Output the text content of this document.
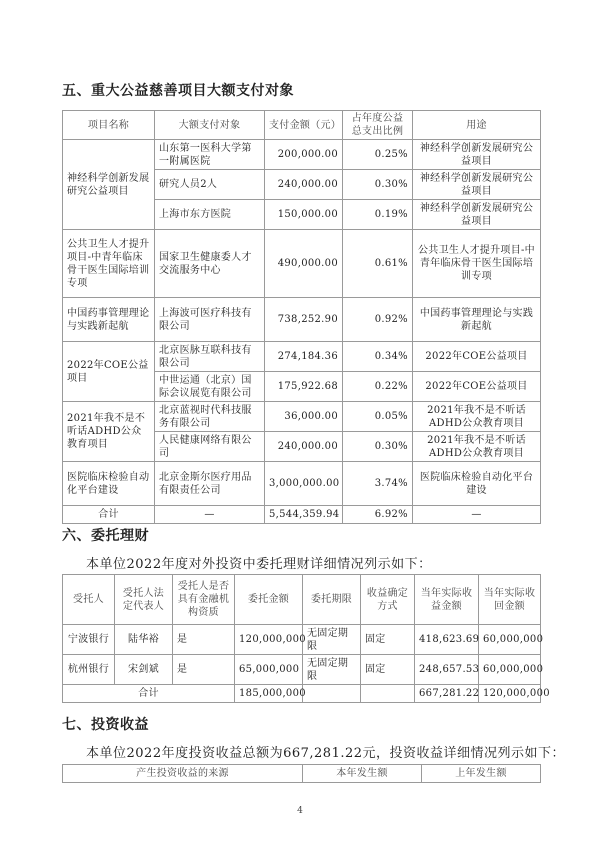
五、重大公益慈善项目大额支付对象
项目名称	大额支付对象	支付金额（元）	占年度公益总支出比例	用途
神经科学创新发展研究公益项目	山东第一医科大学第一附属医院	200,000.00	0.25%	神经科学创新发展研究公益项目
	研究人员2人	240,000.00	0.30%	神经科学创新发展研究公益项目
	上海市东方医院	150,000.00	0.19%	神经科学创新发展研究公益项目
公共卫生人才提升项目-中青年临床骨干医生国际培训专项	国家卫生健康委人才交流服务中心	490,000.00	0.61%	公共卫生人才提升项目-中青年临床骨干医生国际培训专项
中国药事管理理论与实践新起航	上海波可医疗科技有限公司	738,252.90	0.92%	中国药事管理理论与实践新起航
2022年COE公益项目	北京医脉互联科技有限公司	274,184.36	0.34%	2022年COE公益项目
	中世运通（北京）国际会议展览有限公司	175,922.68	0.22%	2022年COE公益项目
2021年我不是不听话ADHD公众教育项目	北京蓝视时代科技服务有限公司	36,000.00	0.05%	2021年我不是不听话ADHD公众教育项目
	人民健康网络有限公司	240,000.00	0.30%	2021年我不是不听话ADHD公众教育项目
医院临床检验自动化平台建设	北京金斯尔医疗用品有限责任公司	3,000,000.00	3.74%	医院临床检验自动化平台建设
合计	—	5,544,359.94	6.92%	—
六、委托理财
本单位2022年度对外投资中委托理财详细情况列示如下：
受托人	受托人法定代表人	受托人是否具有金融机构资质	委托金额	委托期限	收益确定方式	当年实际收益金额	当年实际收回金额
宁波银行	陆华裕	是	120,000,000	无固定期限	固定	418,623.69	60,000,000
杭州银行	宋剑斌	是	65,000,000	无固定期限	固定	248,657.53	60,000,000
合计			185,000,000			667,281.22	120,000,000
七、投资收益
本单位2022年度投资收益总额为667,281.22元，投资收益详细情况列示如下：
产生投资收益的来源	本年发生额	上年发生额
4
